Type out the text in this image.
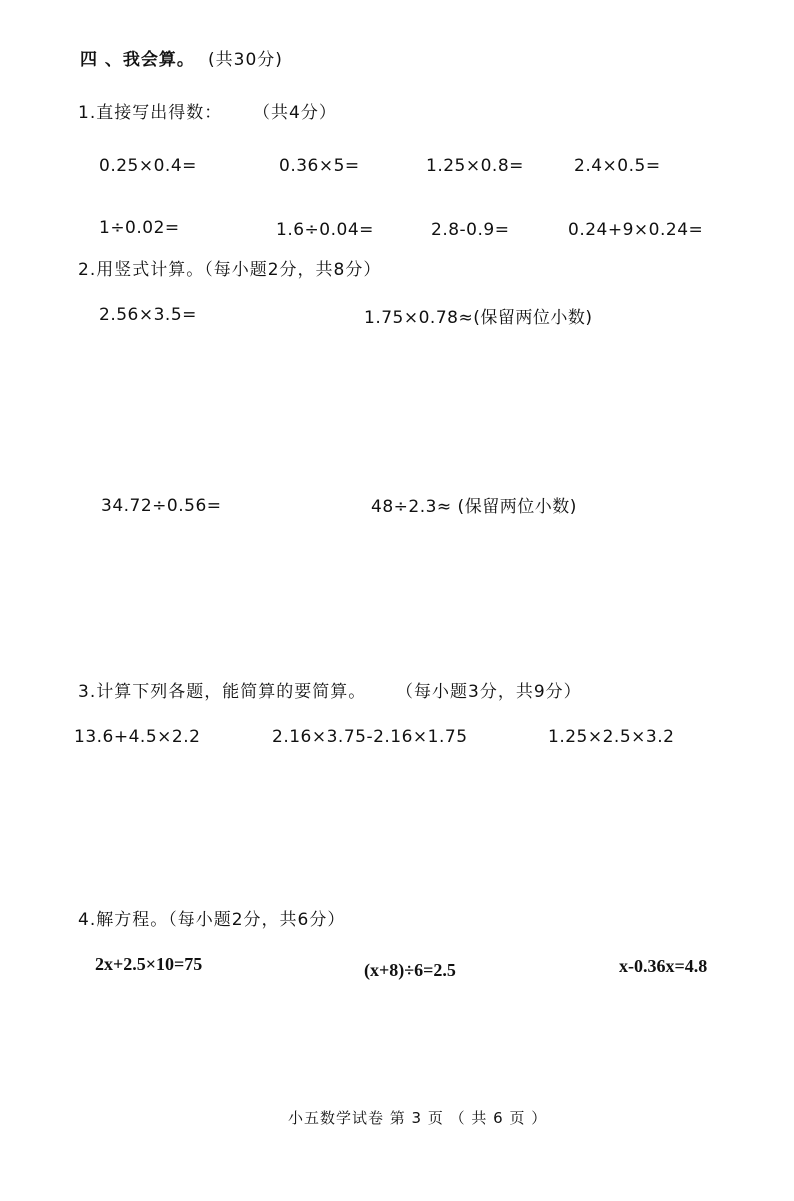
四 、我会算。 (共30分)
1.直接写出得数： （共4分）
0.25×0.4=	0.36×5=	1.25×0.8=	2.4×0.5=
1÷0.02=	1.6÷0.04=	2.8-0.9=	0.24+9×0.24=
2.用竖式计算。（每小题2分，共8分）
2.56×3.5=	1.75×0.78≈(保留两位小数)
34.72÷0.56=	48÷2.3≈ (保留两位小数)
3.计算下列各题，能简算的要简算。 （每小题3分，共9分）
13.6+4.5×2.2	2.16×3.75-2.16×1.75	1.25×2.5×3.2
4.解方程。（每小题2分，共6分）
2x+2.5×10=75	(x+8)÷6=2.5	x-0.36x=4.8
小五数学试卷 第 3 页 （ 共 6 页 ）
